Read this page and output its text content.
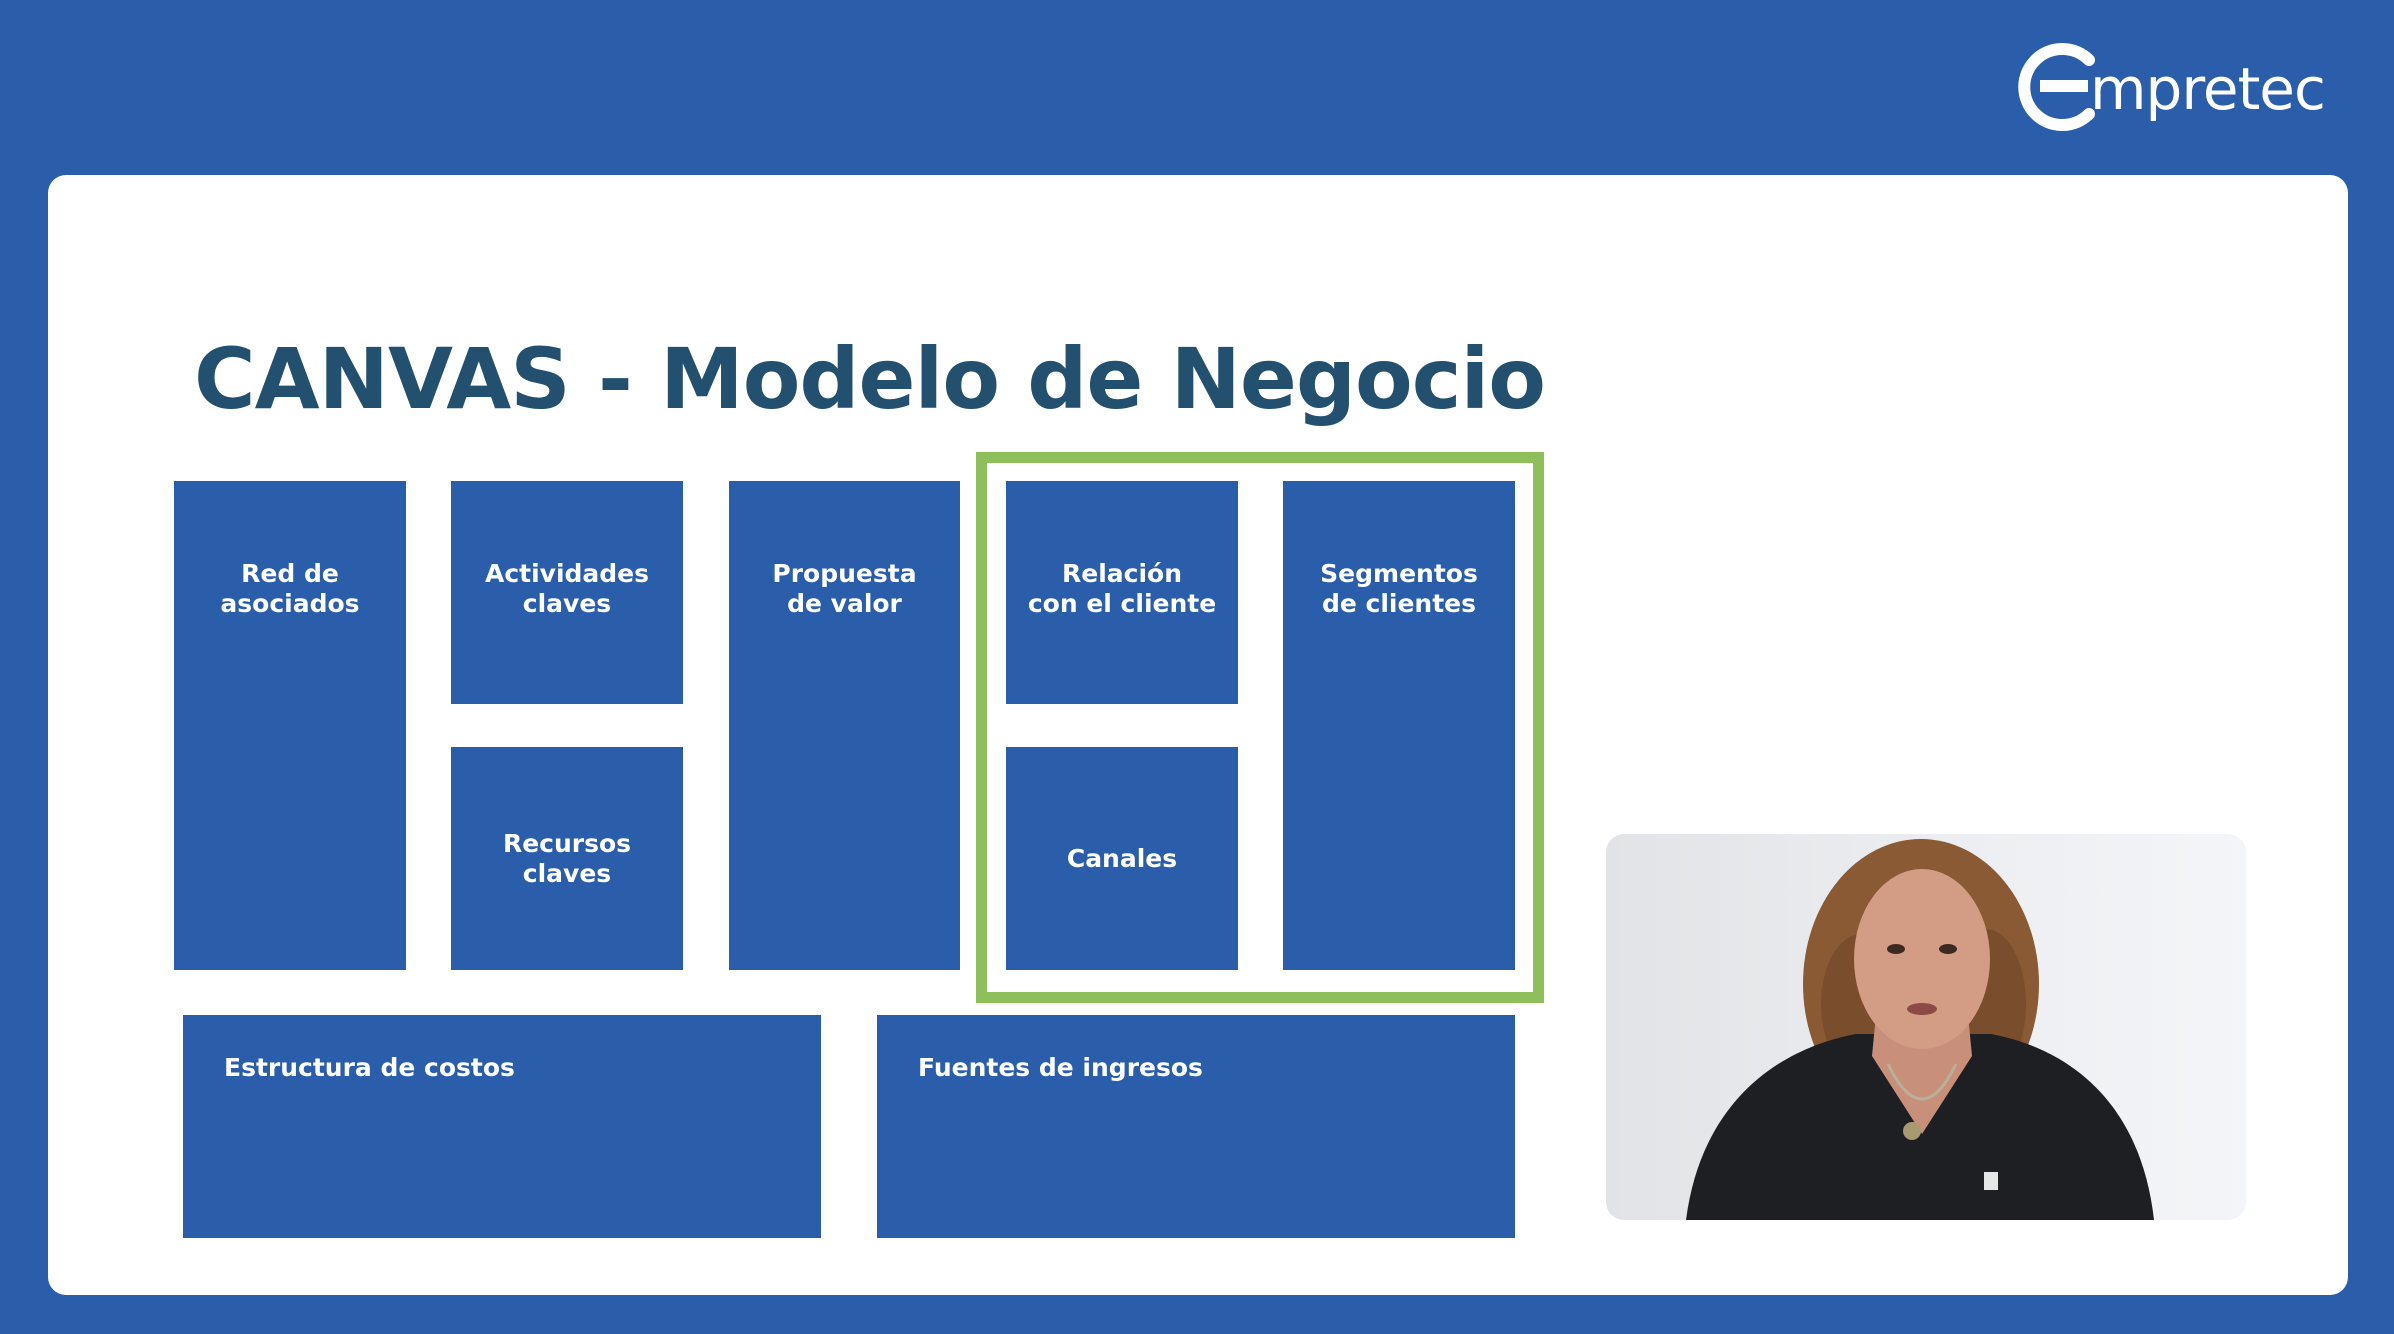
mpretec
CANVAS - Modelo de Negocio
Red de
asociados
Actividades
claves
Recursos
claves
Propuesta
de valor
Relación
con el cliente
Canales
Segmentos
de clientes
Estructura de costos	Fuentes de ingresos
